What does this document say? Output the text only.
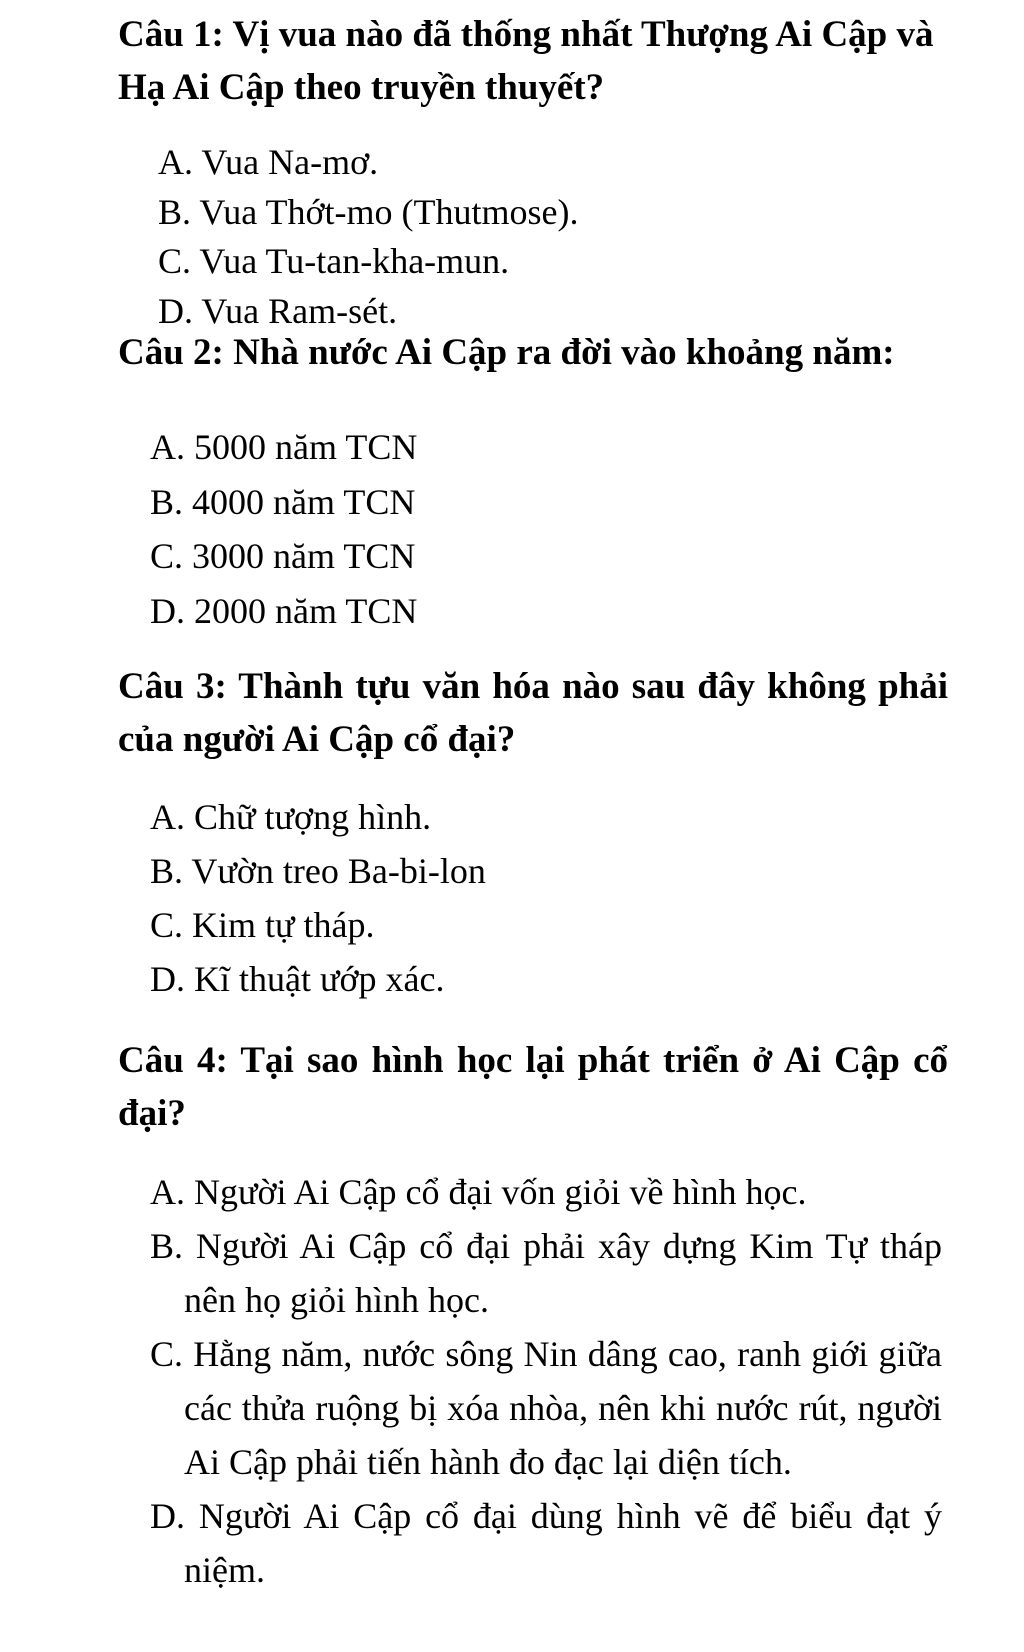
Câu 1: Vị vua nào đã thống nhất Thượng Ai Cập và Hạ Ai Cập theo truyền thuyết?

A. Vua Na-mơ.
B. Vua Thớt-mo (Thutmose).
C. Vua Tu-tan-kha-mun.
D. Vua Ram-sét.

Câu 2: Nhà nước Ai Cập ra đời vào khoảng năm:

A. 5000 năm TCN
B. 4000 năm TCN
C. 3000 năm TCN
D. 2000 năm TCN

Câu 3: Thành tựu văn hóa nào sau đây không phải của người Ai Cập cổ đại?

A. Chữ tượng hình.
B. Vườn treo Ba-bi-lon
C. Kim tự tháp.
D. Kĩ thuật ướp xác.

Câu 4: Tại sao hình học lại phát triển ở Ai Cập cổ đại?

A. Người Ai Cập cổ đại vốn giỏi về hình học.
B. Người Ai Cập cổ đại phải xây dựng Kim Tự tháp nên họ giỏi hình học.
C. Hằng năm, nước sông Nin dâng cao, ranh giới giữa các thửa ruộng bị xóa nhòa, nên khi nước rút, người Ai Cập phải tiến hành đo đạc lại diện tích.
D. Người Ai Cập cổ đại dùng hình vẽ để biểu đạt ý niệm.
